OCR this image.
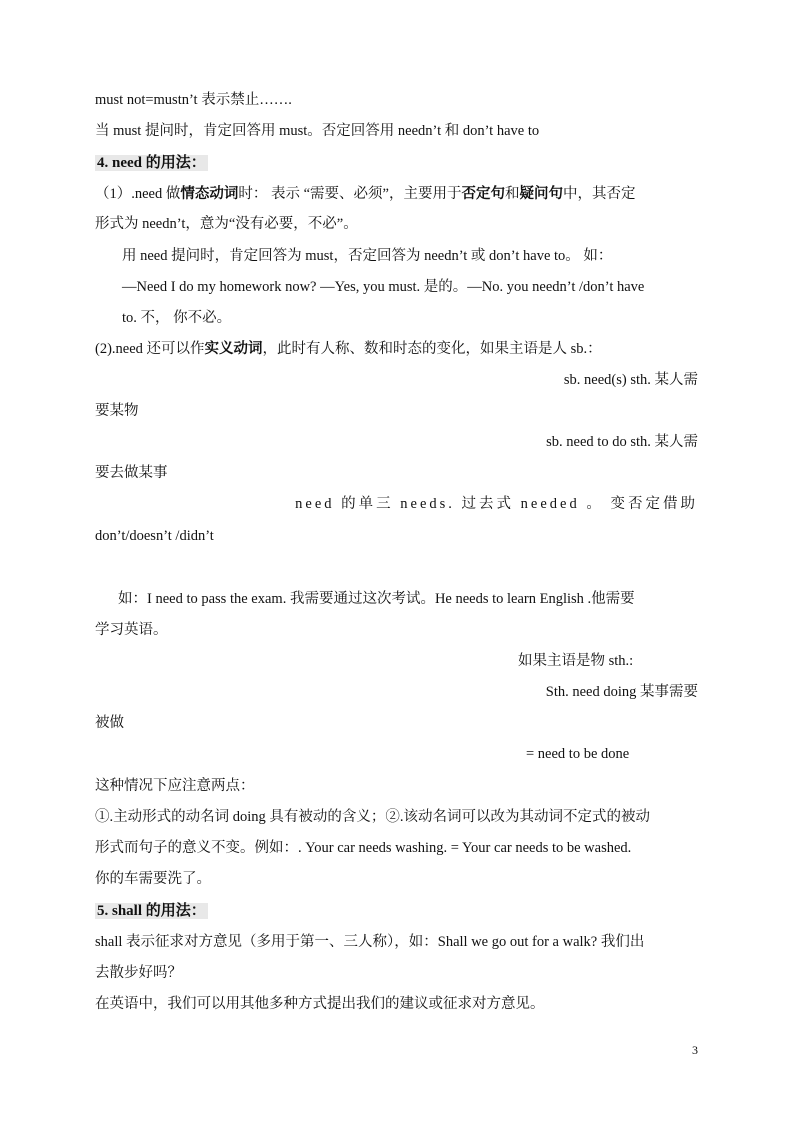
must not=mustn’t 表示禁止…….
当 must 提问时，肯定回答用 must。否定回答用 needn’t 和 don’t have to
4. need 的用法：
（1）.need 做情态动词时： 表示 “需要、必须”，主要用于否定句和疑问句中，其否定
形式为 needn’t，意为“没有必要，不必”。
用 need 提问时，肯定回答为 must，否定回答为 needn’t 或 don’t have to。 如：
—Need I do my homework now? —Yes, you must. 是的。—No. you needn’t /don’t have
to. 不， 你不必。
(2).need 还可以作实义动词，此时有人称、数和时态的变化，如果主语是人 sb.：
sb. need(s) sth. 某人需
要某物
sb. need to do sth. 某人需
要去做某事
need 的单三 needs. 过去式 needed 。 变否定借助
don’t/doesn’t /didn’t
如：I need to pass the exam. 我需要通过这次考试。He needs to learn English .他需要
学习英语。
如果主语是物 sth.:
Sth. need doing 某事需要
被做
= need to be done
这种情况下应注意两点：
①.主动形式的动名词 doing 具有被动的含义；②.该动名词可以改为其动词不定式的被动
形式而句子的意义不变。例如：. Your car needs washing. = Your car needs to be washed.
你的车需要洗了。
5. shall 的用法：
shall 表示征求对方意见（多用于第一、三人称），如：Shall we go out for a walk? 我们出
去散步好吗？
在英语中，我们可以用其他多种方式提出我们的建议或征求对方意见。
3
